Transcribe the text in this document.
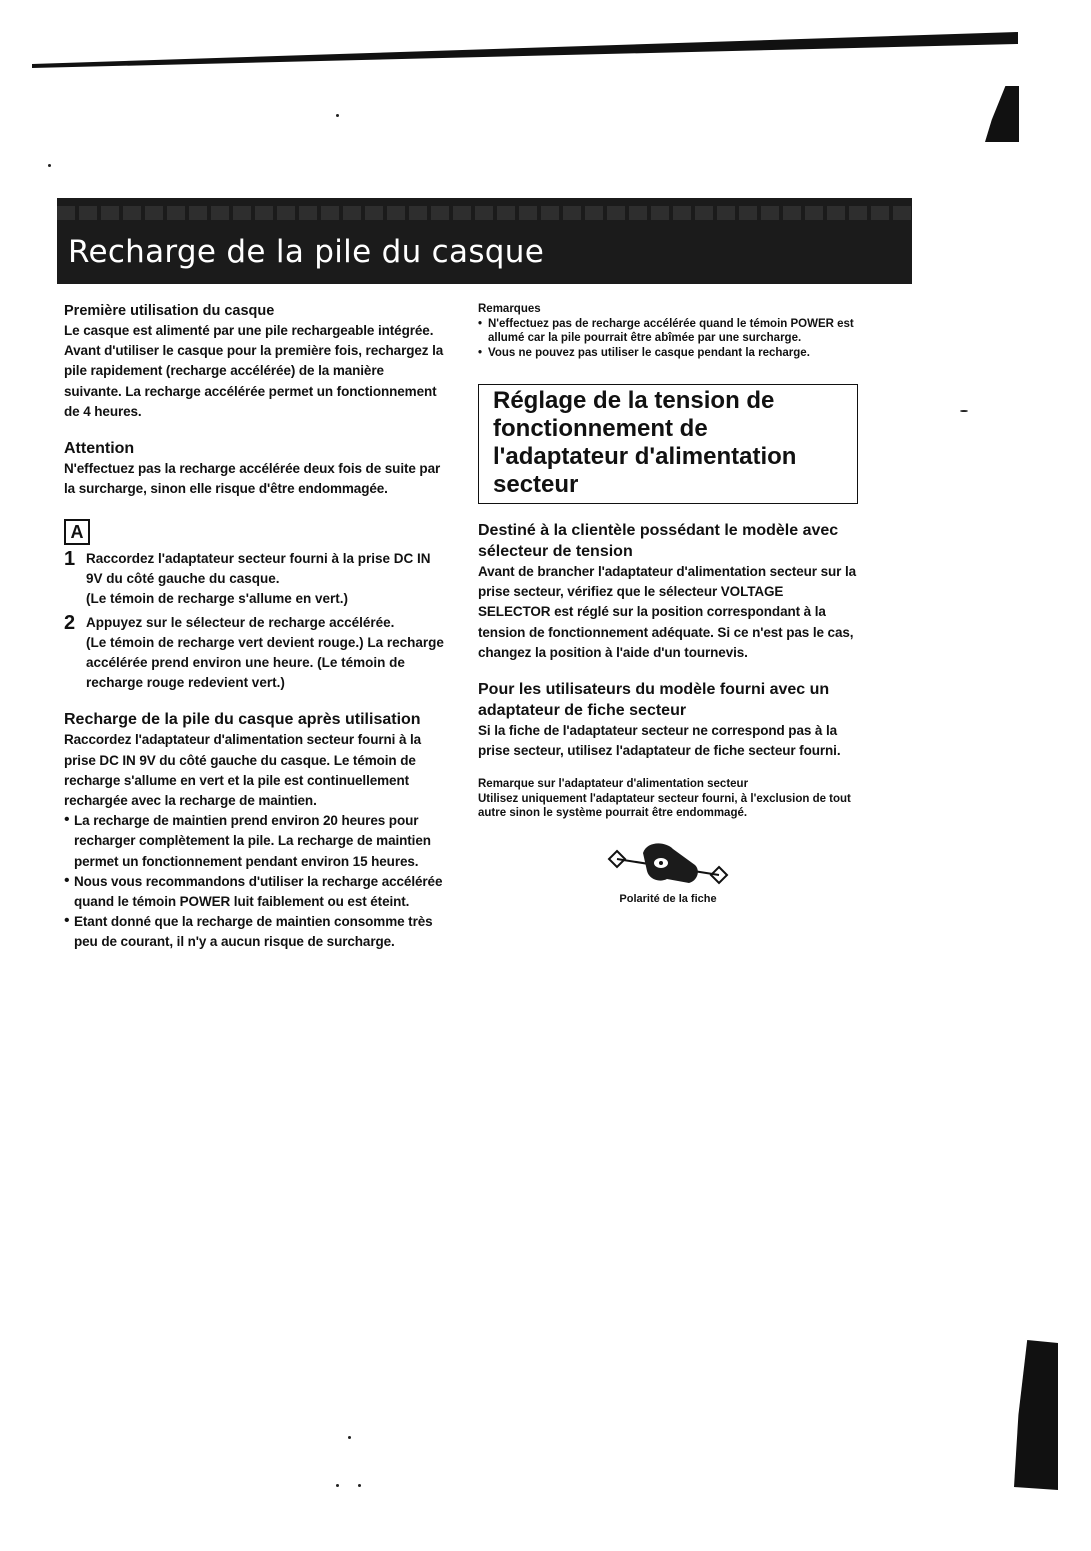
Recharge de la pile du casque

Première utilisation du casque

Le casque est alimenté par une pile rechargeable intégrée. Avant d'utiliser le casque pour la première fois, rechargez la pile rapidement (recharge accélérée) de la manière suivante. La recharge accélérée permet un fonctionnement de 4 heures.

Attention

N'effectuez pas la recharge accélérée deux fois de suite par la surcharge, sinon elle risque d'être endommagée.

A
1 Raccordez l'adaptateur secteur fourni à la prise DC IN 9V du côté gauche du casque.

(Le témoin de recharge s'allume en vert.)

2 Appuyez sur le sélecteur de recharge accélérée.

(Le témoin de recharge vert devient rouge.) La recharge accélérée prend environ une heure. (Le témoin de recharge rouge redevient vert.)

Recharge de la pile du casque après utilisation

Raccordez l'adaptateur d'alimentation secteur fourni à la prise DC IN 9V du côté gauche du casque. Le témoin de recharge s'allume en vert et la pile est continuellement rechargée avec la recharge de maintien.

• La recharge de maintien prend environ 20 heures pour recharger complètement la pile. La recharge de maintien permet un fonctionnement pendant environ 15 heures.
• Nous vous recommandons d'utiliser la recharge accélérée quand le témoin POWER luit faiblement ou est éteint.
• Etant donné que la recharge de maintien consomme très peu de courant, il n'y a aucun risque de surcharge.

Remarques

• N'effectuez pas de recharge accélérée quand le témoin POWER est allumé car la pile pourrait être abîmée par une surcharge.
• Vous ne pouvez pas utiliser le casque pendant la recharge.
Réglage de la tension de fonctionnement de l'adaptateur d'alimentation secteur

Destiné à la clientèle possédant le modèle avec sélecteur de tension

Avant de brancher l'adaptateur d'alimentation secteur sur la prise secteur, vérifiez que le sélecteur VOLTAGE SELECTOR est réglé sur la position correspondant à la tension de fonctionnement adéquate. Si ce n'est pas le cas, changez la position à l'aide d'un tournevis.

Pour les utilisateurs du modèle fourni avec un adaptateur de fiche secteur

Si la fiche de l'adaptateur secteur ne correspond pas à la prise secteur, utilisez l'adaptateur de fiche secteur fourni.

Remarque sur l'adaptateur d'alimentation secteur

Utilisez uniquement l'adaptateur secteur fourni, à l'exclusion de tout autre sinon le système pourrait être endommagé.

Polarité de la fiche
